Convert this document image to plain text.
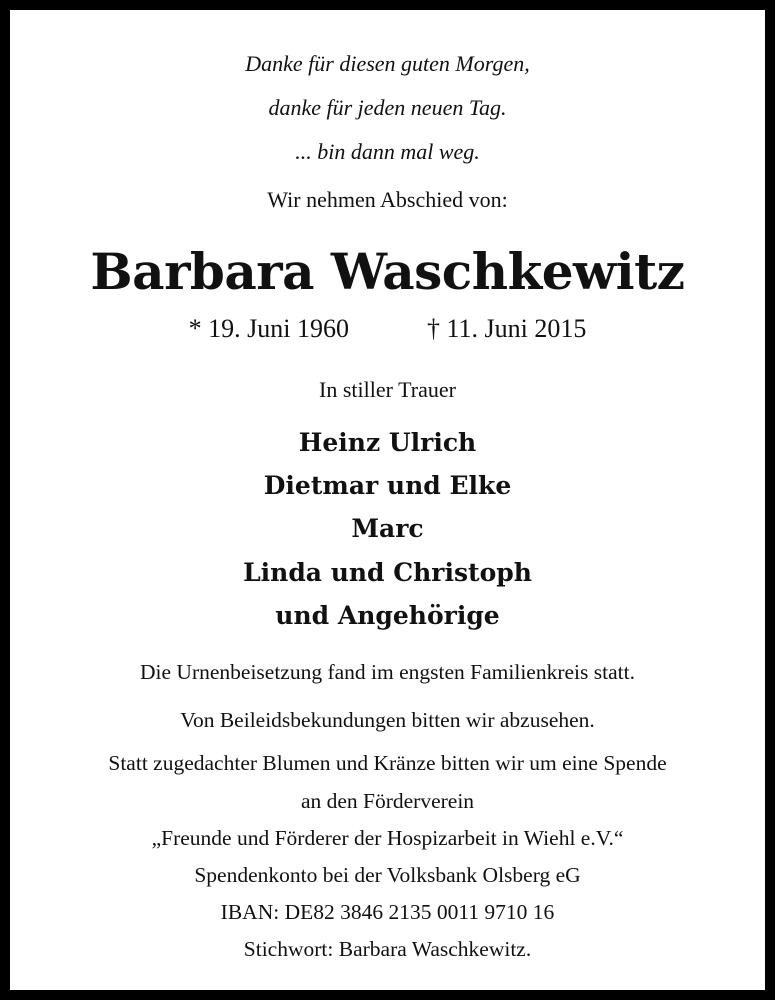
Danke für diesen guten Morgen,
danke für jeden neuen Tag.
... bin dann mal weg.
Wir nehmen Abschied von:
Barbara Waschkewitz
* 19. Juni 1960	† 11. Juni 2015
In stiller Trauer
Heinz Ulrich
Dietmar und Elke
Marc
Linda und Christoph
und Angehörige
Die Urnenbeisetzung fand im engsten Familienkreis statt.
Von Beileidsbekundungen bitten wir abzusehen.
Statt zugedachter Blumen und Kränze bitten wir um eine Spende
an den Förderverein
„Freunde und Förderer der Hospizarbeit in Wiehl e.V.“
Spendenkonto bei der Volksbank Olsberg eG
IBAN: DE82 3846 2135 0011 9710 16
Stichwort: Barbara Waschkewitz.
